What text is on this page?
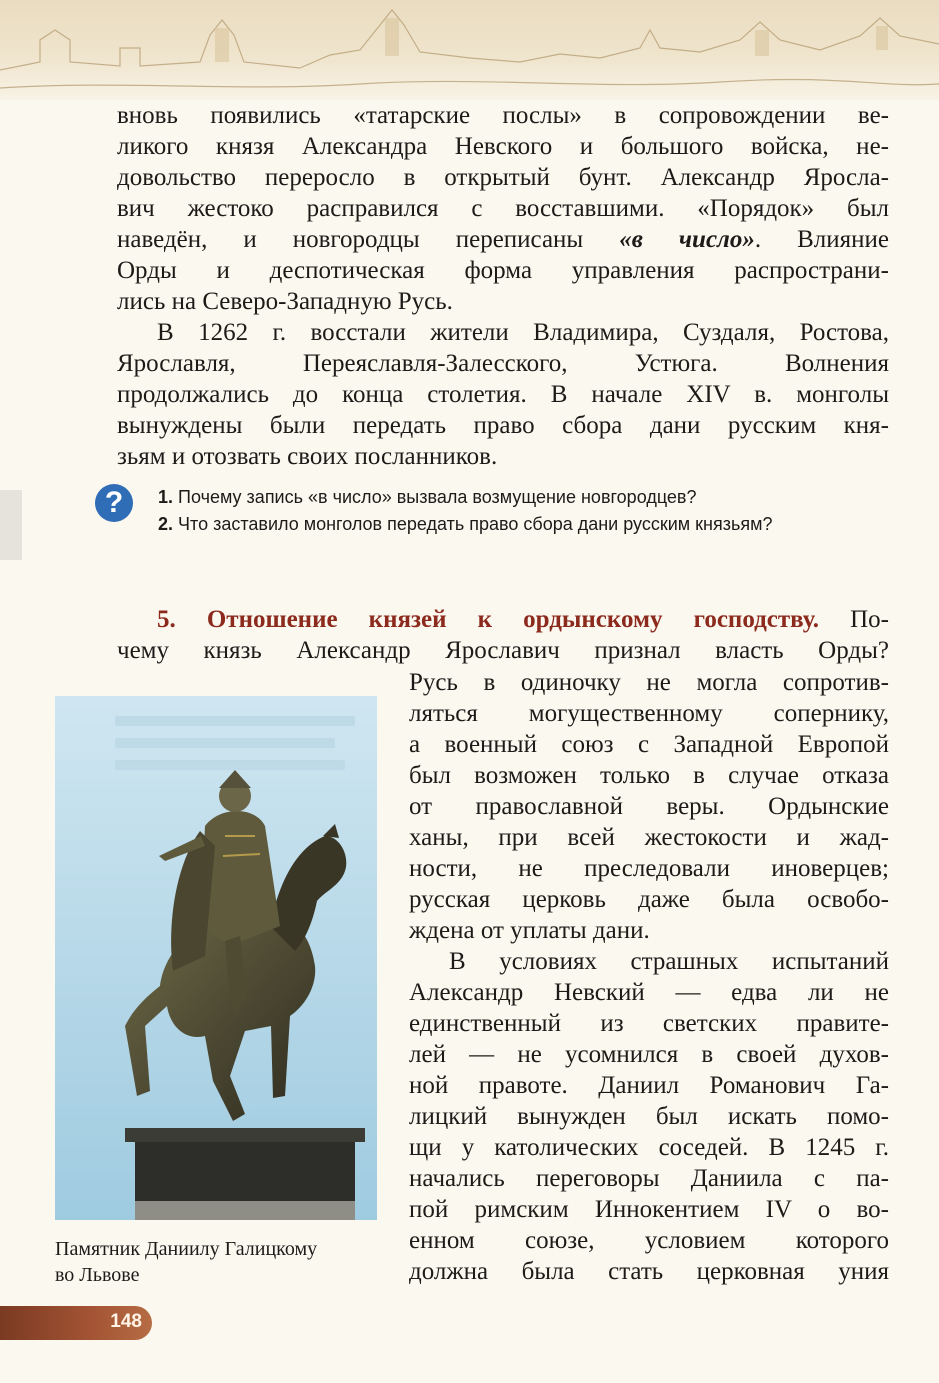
вновь появились «татарские послы» в сопровождении ве-
ликого князя Александра Невского и большого войска, не-
довольство переросло в открытый бунт. Александр Яросла-
вич жестоко расправился с восставшими. «Порядок» был
наведён, и новгородцы переписаны «в число». Влияние
Орды и деспотическая форма управления распространи-
лись на Северо-Западную Русь.
В 1262 г. восстали жители Владимира, Суздаля, Ростова,
Ярославля, Переяславля-Залесского, Устюга. Волнения
продолжались до конца столетия. В начале XIV в. монголы
вынуждены были передать право сбора дани русским кня-
зьям и отозвать своих посланников.
?	1. Почему запись «в число» вызвала возмущение новгородцев?
2. Что заставило монголов передать право сбора дани русским князьям?
5. Отношение князей к ордынскому господству. По-
чему князь Александр Ярославич признал власть Орды?
Памятник Даниилу Галицкому
во Львове
Русь в одиночку не могла сопротив-
ляться могущественному сопернику,
а военный союз с Западной Европой
был возможен только в случае отказа
от православной веры. Ордынские
ханы, при всей жестокости и жад-
ности, не преследовали иноверцев;
русская церковь даже была освобо-
ждена от уплаты дани.
В условиях страшных испытаний
Александр Невский — едва ли не
единственный из светских правите-
лей — не усомнился в своей духов-
ной правоте. Даниил Романович Га-
лицкий вынужден был искать помо-
щи у католических соседей. В 1245 г.
начались переговоры Даниила с па-
пой римским Иннокентием IV о во-
енном союзе, условием которого
должна была стать церковная уния
148
